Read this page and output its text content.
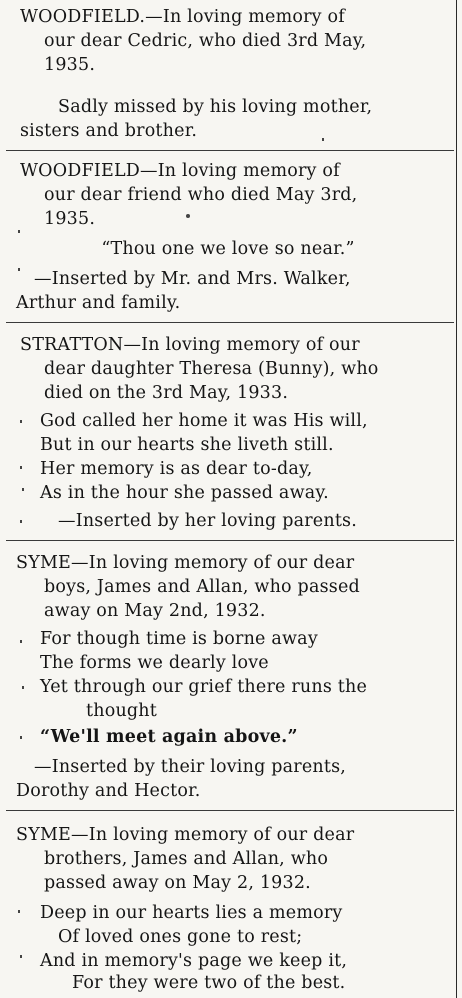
WOODFIELD.—In loving memory of
our dear Cedric, who died 3rd May,
1935.
Sadly missed by his loving mother,
sisters and brother.
WOODFIELD—In loving memory of
our dear friend who died May 3rd,
1935.
“Thou one we love so near.”
—Inserted by Mr. and Mrs. Walker,
Arthur and family.
STRATTON—In loving memory of our
dear daughter Theresa (Bunny), who
died on the 3rd May, 1933.
God called her home it was His will,
But in our hearts she liveth still.
Her memory is as dear to-day,
As in the hour she passed away.
—Inserted by her loving parents.
SYME—In loving memory of our dear
boys, James and Allan, who passed
away on May 2nd, 1932.
For though time is borne away
The forms we dearly love
Yet through our grief there runs the
thought
“We'll meet again above.”
—Inserted by their loving parents,
Dorothy and Hector.
SYME—In loving memory of our dear
brothers, James and Allan, who
passed away on May 2, 1932.
Deep in our hearts lies a memory
Of loved ones gone to rest;
And in memory's page we keep it,
For they were two of the best.
